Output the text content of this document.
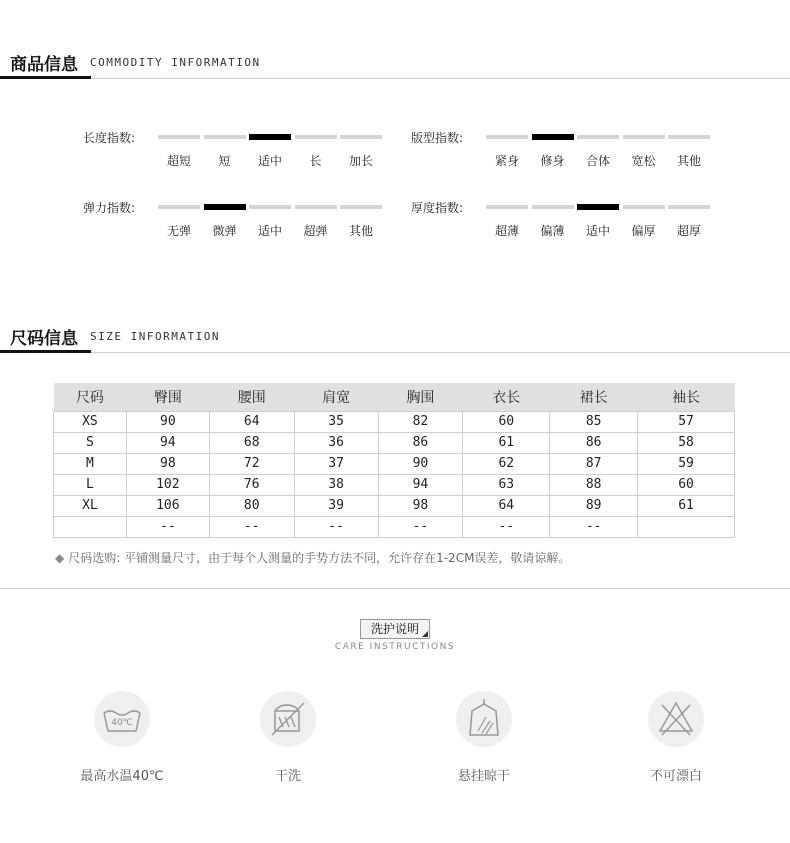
商品信息 COMMODITY INFORMATION
长度指数:
超短	短	适中	长	加长
版型指数:
紧身	修身	合体	宽松	其他
弹力指数:
无弹	微弹	适中	超弹	其他
厚度指数:
超薄	偏薄	适中	偏厚	超厚
尺码信息 SIZE INFORMATION
尺码	臀围	腰围	肩宽	胸围	衣长	裙长	袖长
XS	90	64	35	82	60	85	57
S	94	68	36	86	61	86	58
M	98	72	37	90	62	87	59
L	102	76	38	94	63	88	60
XL	106	80	39	98	64	89	61
	--	--	--	--	--	--	
◆ 尺码选购: 平铺测量尺寸，由于每个人测量的手势方法不同，允许存在1-2CM误差，敬请谅解。
洗护说明
CARE INSTRUCTIONS
40℃
最高水温40℃	干洗	悬挂晾干	不可漂白
